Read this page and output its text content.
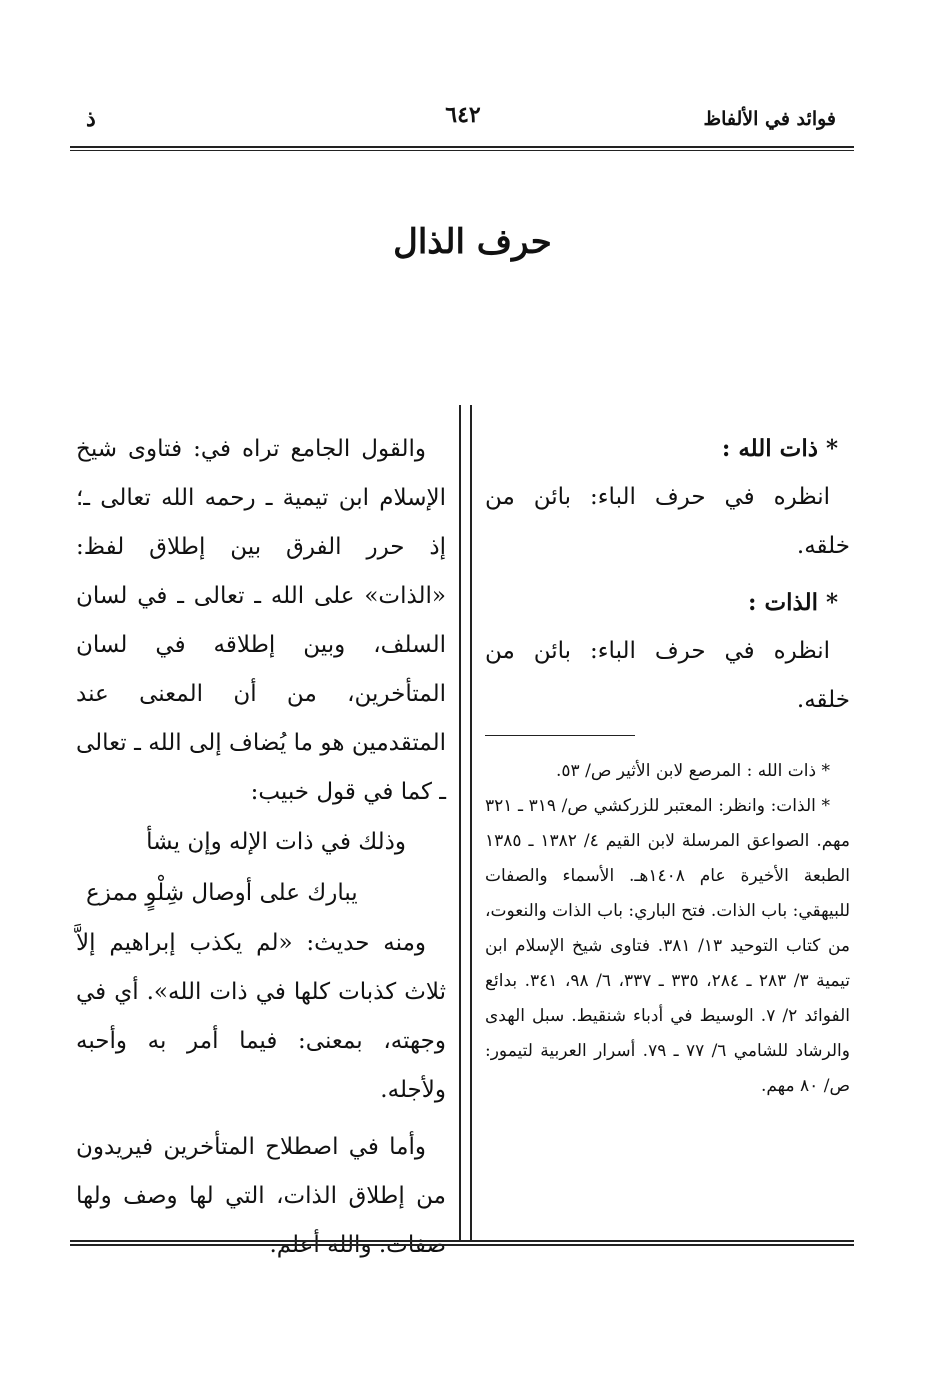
فوائد في الألفاظ
٦٤٢
ذ
حرف الذال
* ذات الله :

انظره في حرف الباء: بائن من خلقه.

* الذات :

انظره في حرف الباء: بائن من خلقه.

* ذات الله : المرصع لابن الأثير ص/ ٥٣.

* الذات: وانظر: المعتبر للزركشي ص/ ٣١٩ ـ ٣٢١ مهم. الصواعق المرسلة لابن القيم ٤/ ١٣٨٢ ـ ١٣٨٥ الطبعة الأخيرة عام ١٤٠٨هـ. الأسماء والصفات للبيهقي: باب الذات. فتح الباري: باب الذات والنعوت، من كتاب التوحيد ١٣/ ٣٨١. فتاوى شيخ الإسلام ابن تيمية ٣/ ٢٨٣ ـ ٢٨٤، ٣٣٥ ـ ٣٣٧، ٦/ ٩٨، ٣٤١. بدائع الفوائد ٢/ ٧. الوسيط في أدباء شنقيط. سبل الهدى والرشاد للشامي ٦/ ٧٧ ـ ٧٩. أسرار العربية لتيمور: ص/ ٨٠ مهم.

والقول الجامع تراه في: فتاوى شيخ الإسلام ابن تيمية ـ رحمه الله تعالى ـ؛ إذ حرر الفرق بين إطلاق لفظ: «الذات» على الله ـ تعالى ـ في لسان السلف، وبين إطلاقه في لسان المتأخرين، من أن المعنى عند المتقدمين هو ما يُضاف إلى الله ـ تعالى ـ كما في قول خبيب:

وذلك في ذات الإله وإن يشأ

يبارك على أوصال شِلْوٍ ممزع

ومنه حديث: «لم يكذب إبراهيم إلاَّ ثلاث كذبات كلها في ذات الله». أي في وجهته، بمعنى: فيما أمر به وأحبه ولأجله.

وأما في اصطلاح المتأخرين فيريدون من إطلاق الذات، التي لها وصف ولها صفات. والله أعلم.
